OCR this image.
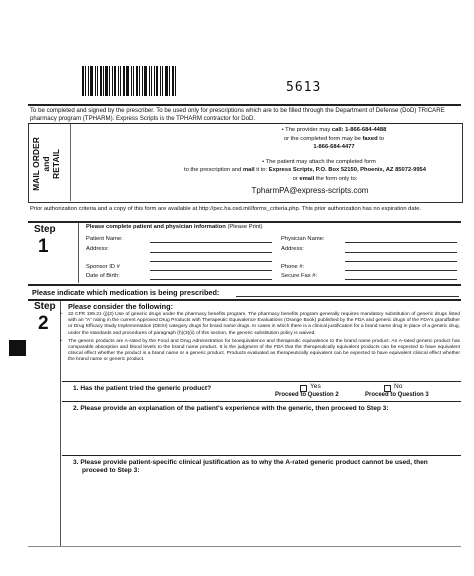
5613
To be completed and signed by the prescriber. To be used only for prescriptions which are to be filled through the Department of Defense (DoD) TRICARE pharmacy program (TPHARM). Express Scripts is the TPHARM contractor for DoD.
MAIL ORDER
and
RETAIL
• The provider may call: 1-866-684-4488
or the completed form may be faxed to
1-866-684-4477
• The patient may attach the completed form
to the prescription and mail it to: Express Scripts, P.O. Box 52150, Phoenix, AZ 85072-9954
or email the form only to:
TpharmPA@express-scripts.com
Prior authorization criteria and a copy of this form are available at http://pec.ha.osd.mil/forms_criteria.php. This prior authorization has no expiration date.
Step
1
Please complete patient and physician information (Please Print)
Patient Name:
Address:
Sponsor ID #
Date of Birth:
Physician Name:
Address:
Phone #:
Secure Fax #:
Please indicate which medication is being prescribed:
Step
2
Please consider the following:

• 32 CFR 199.21 (j)(2) Use of generic drugs under the pharmacy benefits program. The pharmacy benefits program generally requires mandatory substitution of generic drugs listed with an "A" rating in the current Approved Drug Products with Therapeutic Equivalence Evaluations (Orange Book) published by the FDA and generic drugs of the FDA's grandfather or Drug Efficacy Study Implementation (DESI) category drugs for brand name drugs. In cases in which there is a clinical justification for a brand name drug in place of a generic drug, under the standards and procedures of paragraph (h)(3)(ii) of this section, the generic substitution policy is waived.

• The generic products are A-rated by the Food and Drug Administration for bioequivalence and therapeutic equivalence to the brand name product. An A-rated generic product has comparable absorption and blood levels to the brand name product. It is the judgment of the FDA that the therapeutically equivalent products can be expected to have equivalent clinical effect whether the product is a brand name or a generic product. Products evaluated as therapeutically equivalent can be expected to have equivalent clinical effect whether the brand name or generic product.

1. Has the patient tried the generic product?	Yes
Proceed to Question 2
No
Proceed to Question 3
2. Please provide an explanation of the patient's experience with the generic, then proceed to Step 3:
3. Please provide patient-specific clinical justification as to why the A-rated generic product cannot be used, then
proceed to Step 3:
